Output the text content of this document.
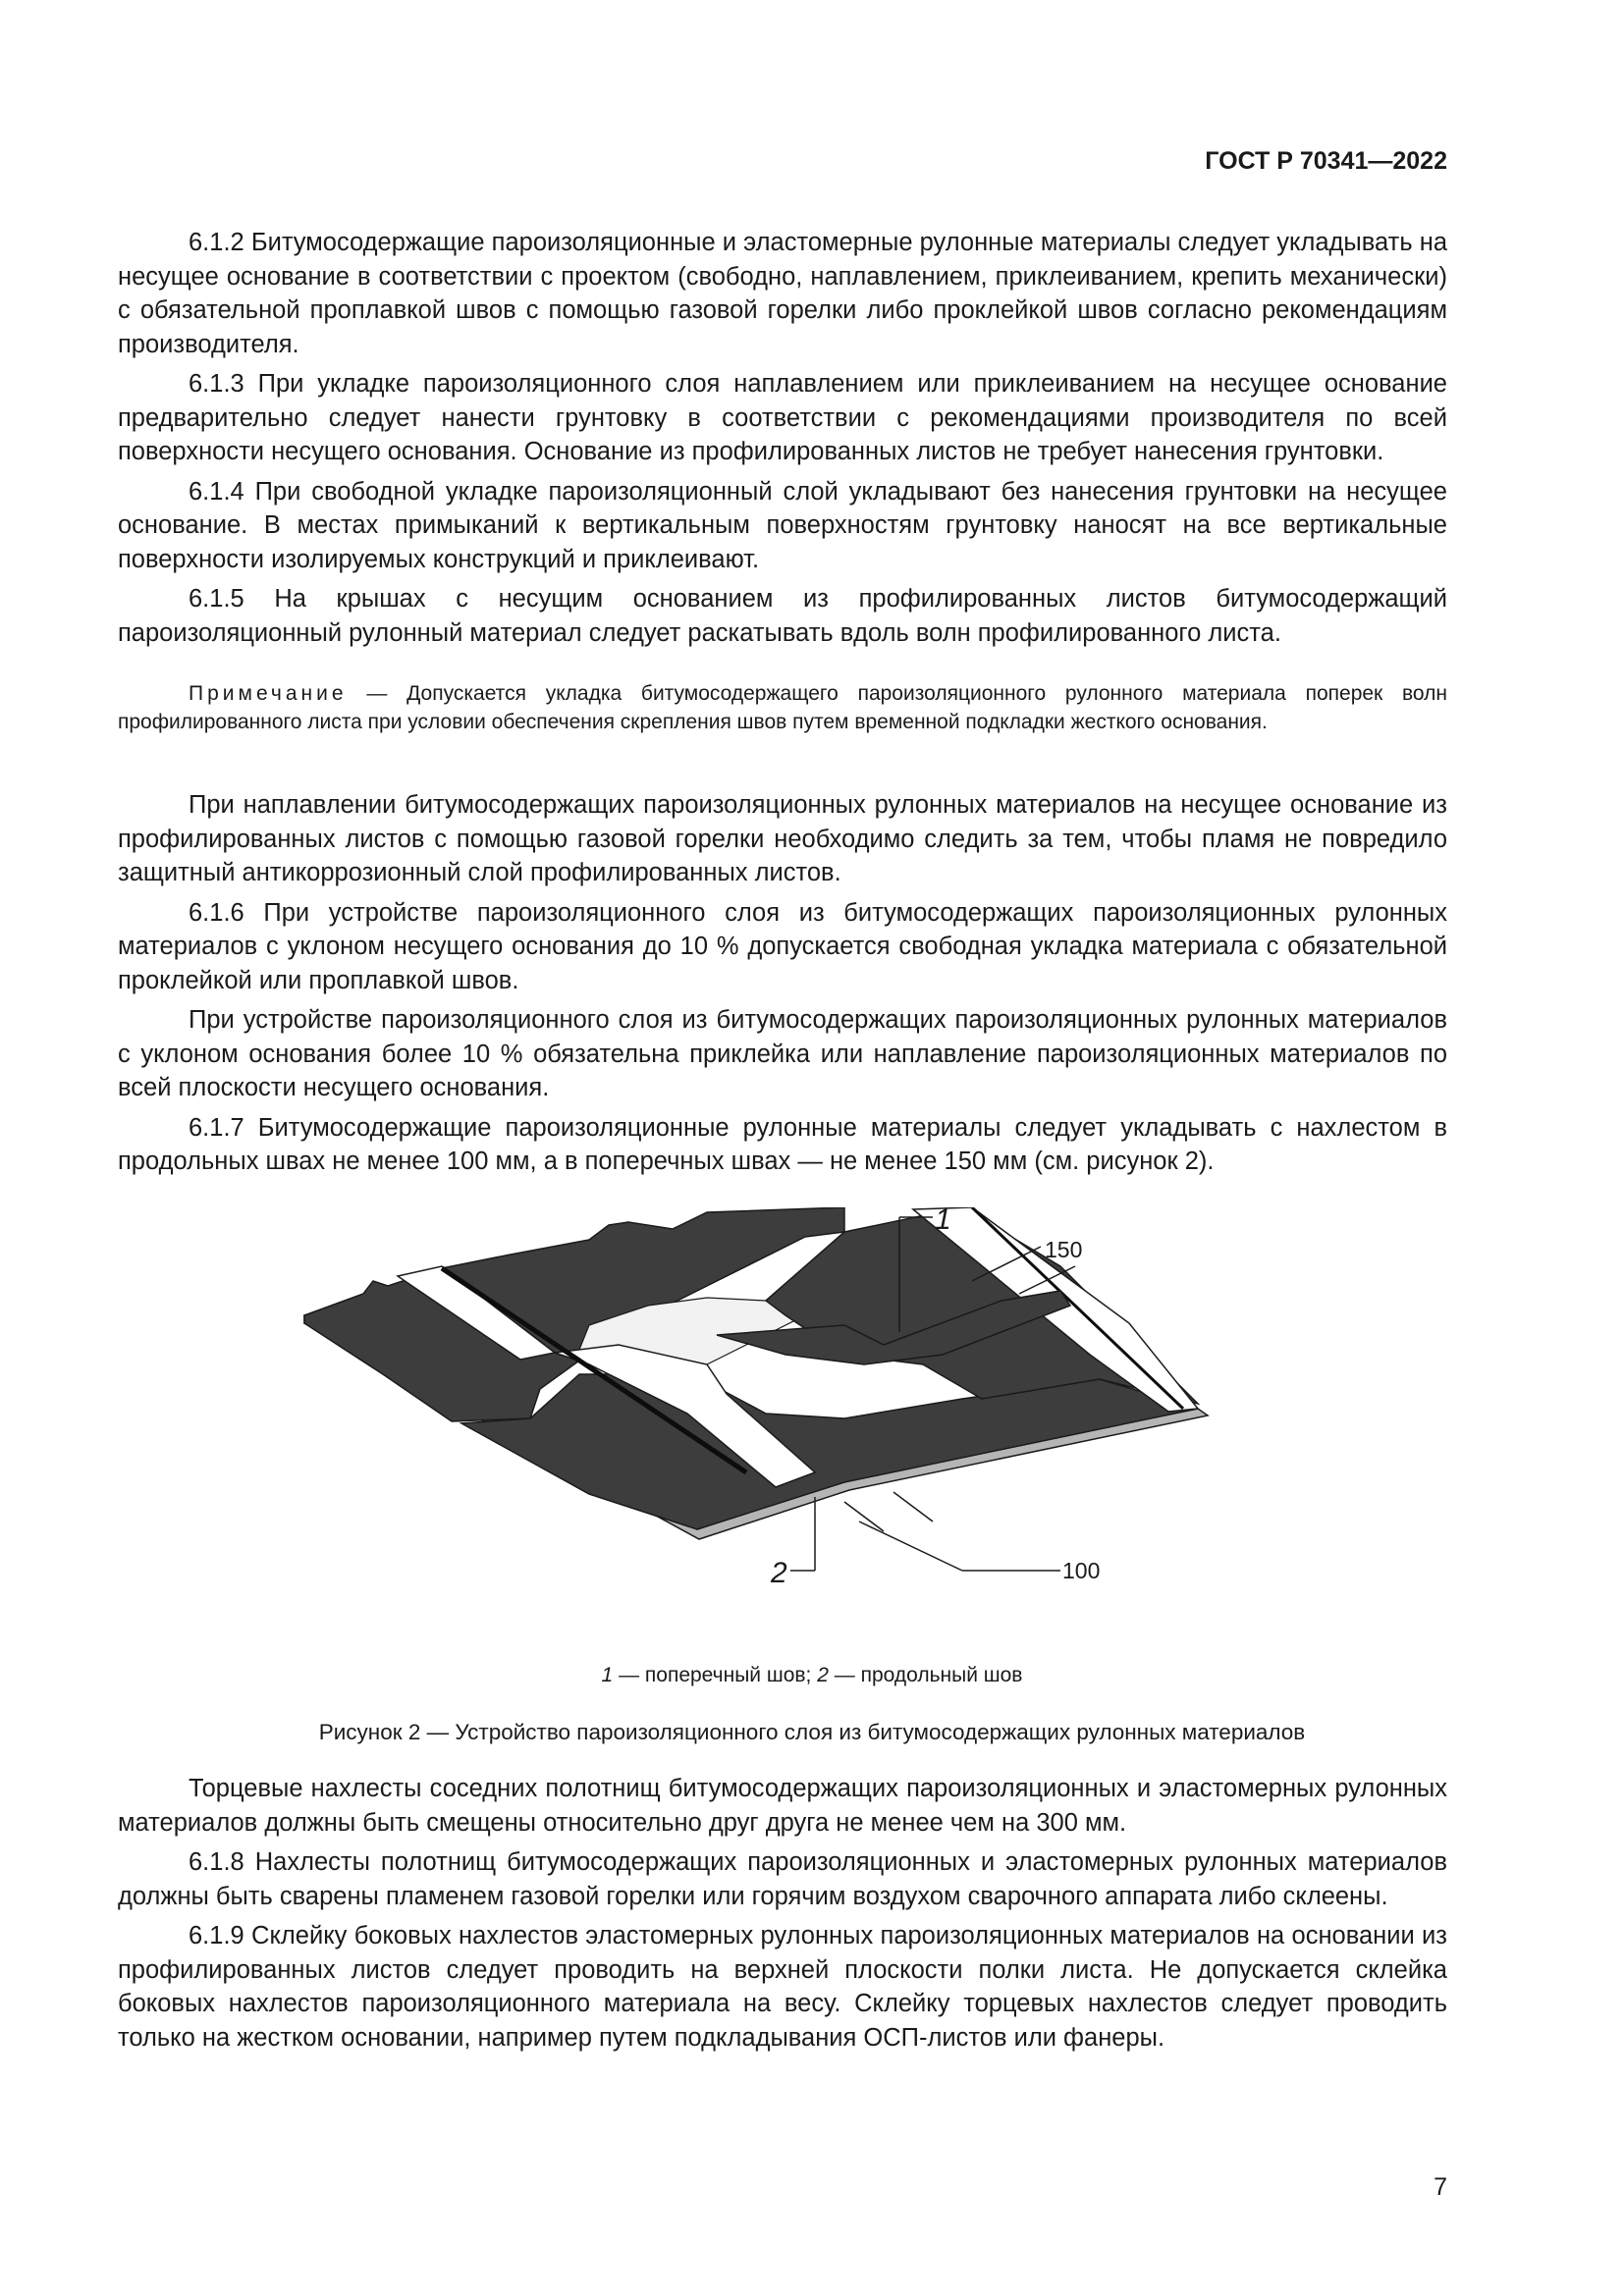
ГОСТ Р 70341—2022

6.1.2 Битумосодержащие пароизоляционные и эластомерные рулонные материалы следует укладывать на несущее основание в соответствии с проектом (свободно, наплавлением, приклеиванием, крепить механически) с обязательной проплавкой швов с помощью газовой горелки либо проклейкой швов согласно рекомендациям производителя.

6.1.3 При укладке пароизоляционного слоя наплавлением или приклеиванием на несущее основание предварительно следует нанести грунтовку в соответствии с рекомендациями производителя по всей поверхности несущего основания. Основание из профилированных листов не требует нанесения грунтовки.

6.1.4 При свободной укладке пароизоляционный слой укладывают без нанесения грунтовки на несущее основание. В местах примыканий к вертикальным поверхностям грунтовку наносят на все вертикальные поверхности изолируемых конструкций и приклеивают.

6.1.5 На крышах с несущим основанием из профилированных листов битумосодержащий пароизоляционный рулонный материал следует раскатывать вдоль волн профилированного листа.

Примечание — Допускается укладка битумосодержащего пароизоляционного рулонного материала поперек волн профилированного листа при условии обеспечения скрепления швов путем временной подкладки жесткого основания.

При наплавлении битумосодержащих пароизоляционных рулонных материалов на несущее основание из профилированных листов с помощью газовой горелки необходимо следить за тем, чтобы пламя не повредило защитный антикоррозионный слой профилированных листов.

6.1.6 При устройстве пароизоляционного слоя из битумосодержащих пароизоляционных рулонных материалов с уклоном несущего основания до 10 % допускается свободная укладка материала с обязательной проклейкой или проплавкой швов.

При устройстве пароизоляционного слоя из битумосодержащих пароизоляционных рулонных материалов с уклоном основания более 10 % обязательна приклейка или наплавление пароизоляционных материалов по всей плоскости несущего основания.

6.1.7 Битумосодержащие пароизоляционные рулонные материалы следует укладывать с нахлестом в продольных швах не менее 100 мм, а в поперечных швах — не менее 150 мм (см. рисунок 2).

1
150
2	100
1 — поперечный шов; 2 — продольный шов
Рисунок 2 — Устройство пароизоляционного слоя из битумосодержащих рулонных материалов

Торцевые нахлесты соседних полотнищ битумосодержащих пароизоляционных и эластомерных рулонных материалов должны быть смещены относительно друг друга не менее чем на 300 мм.

6.1.8 Нахлесты полотнищ битумосодержащих пароизоляционных и эластомерных рулонных материалов должны быть сварены пламенем газовой горелки или горячим воздухом сварочного аппарата либо склеены.

6.1.9 Склейку боковых нахлестов эластомерных рулонных пароизоляционных материалов на основании из профилированных листов следует проводить на верхней плоскости полки листа. Не допускается склейка боковых нахлестов пароизоляционного материала на весу. Склейку торцевых нахлестов следует проводить только на жестком основании, например путем подкладывания ОСП-листов или фанеры.

7
